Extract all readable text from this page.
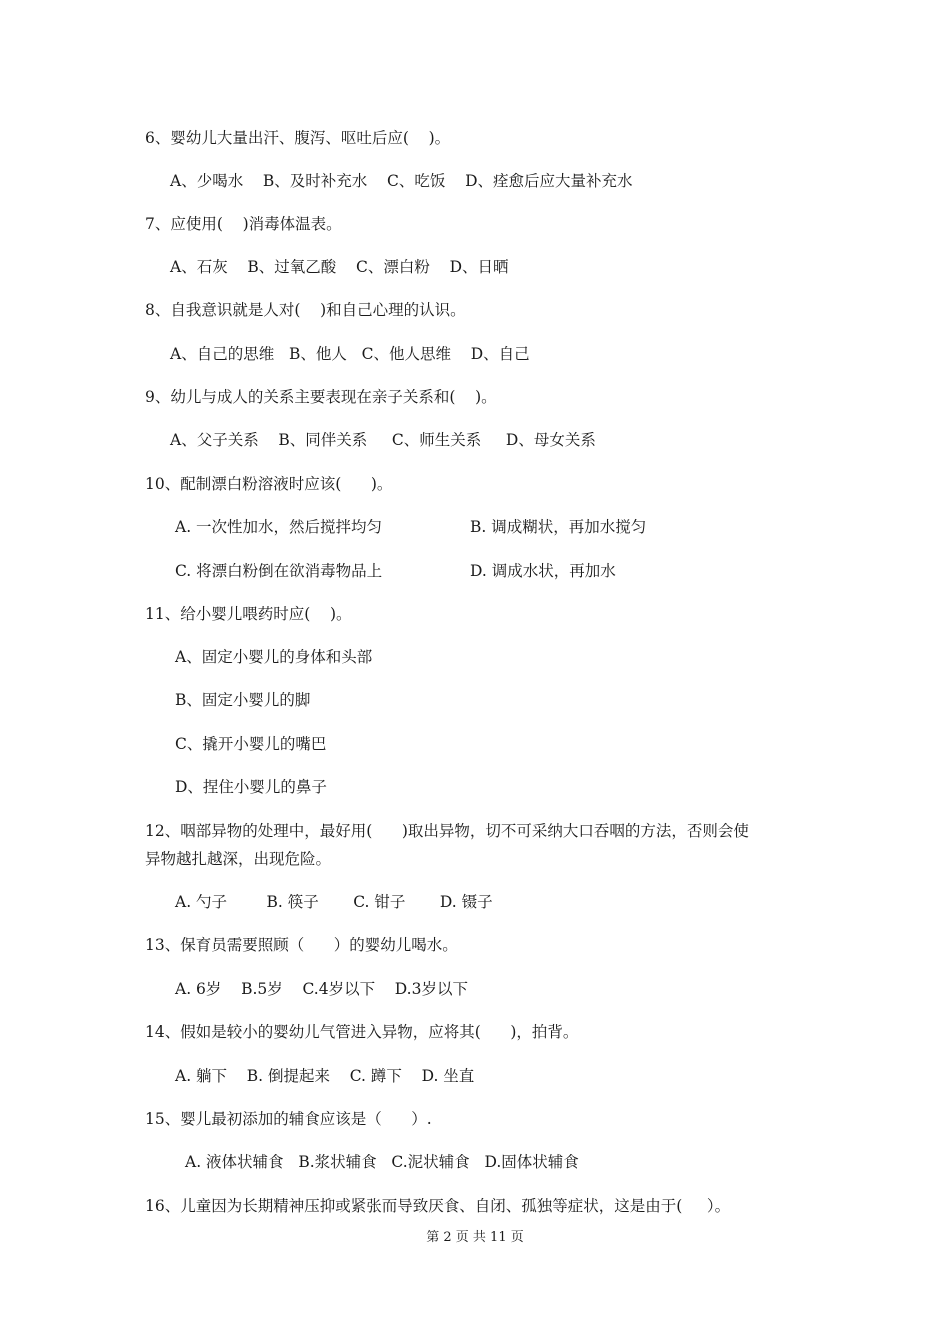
6、婴幼儿大量出汗、腹泻、呕吐后应(    )。
A、少喝水    B、及时补充水    C、吃饭    D、痊愈后应大量补充水
7、应使用(    )消毒体温表。
A、石灰    B、过氧乙酸    C、漂白粉    D、日晒
8、自我意识就是人对(    )和自己心理的认识。
A、自己的思维   B、他人   C、他人思维    D、自己
9、幼儿与成人的关系主要表现在亲子关系和(    )。
A、父子关系    B、同伴关系     C、师生关系     D、母女关系
10、配制漂白粉溶液时应该(      )。
A. 一次性加水，然后搅拌均匀	B. 调成糊状，再加水搅匀
C. 将漂白粉倒在欲消毒物品上	D. 调成水状，再加水
11、给小婴儿喂药时应(    )。
A、固定小婴儿的身体和头部
B、固定小婴儿的脚
C、撬开小婴儿的嘴巴
D、捏住小婴儿的鼻子
12、咽部异物的处理中，最好用(      )取出异物，切不可采纳大口吞咽的方法，否则会使
异物越扎越深，出现危险。
A. 勺子        B. 筷子       C. 钳子       D. 镊子
13、保育员需要照顾（      ）的婴幼儿喝水。
A. 6岁    B.5岁    C.4岁以下    D.3岁以下
14、假如是较小的婴幼儿气管进入异物，应将其(      )，拍背。
A. 躺下    B. 倒提起来    C. 蹲下    D. 坐直
15、婴儿最初添加的辅食应该是（      ）.
A. 液体状辅食   B.浆状辅食   C.泥状辅食   D.固体状辅食
16、儿童因为长期精神压抑或紧张而导致厌食、自闭、孤独等症状，这是由于(     ）。
第 2 页 共 11 页
